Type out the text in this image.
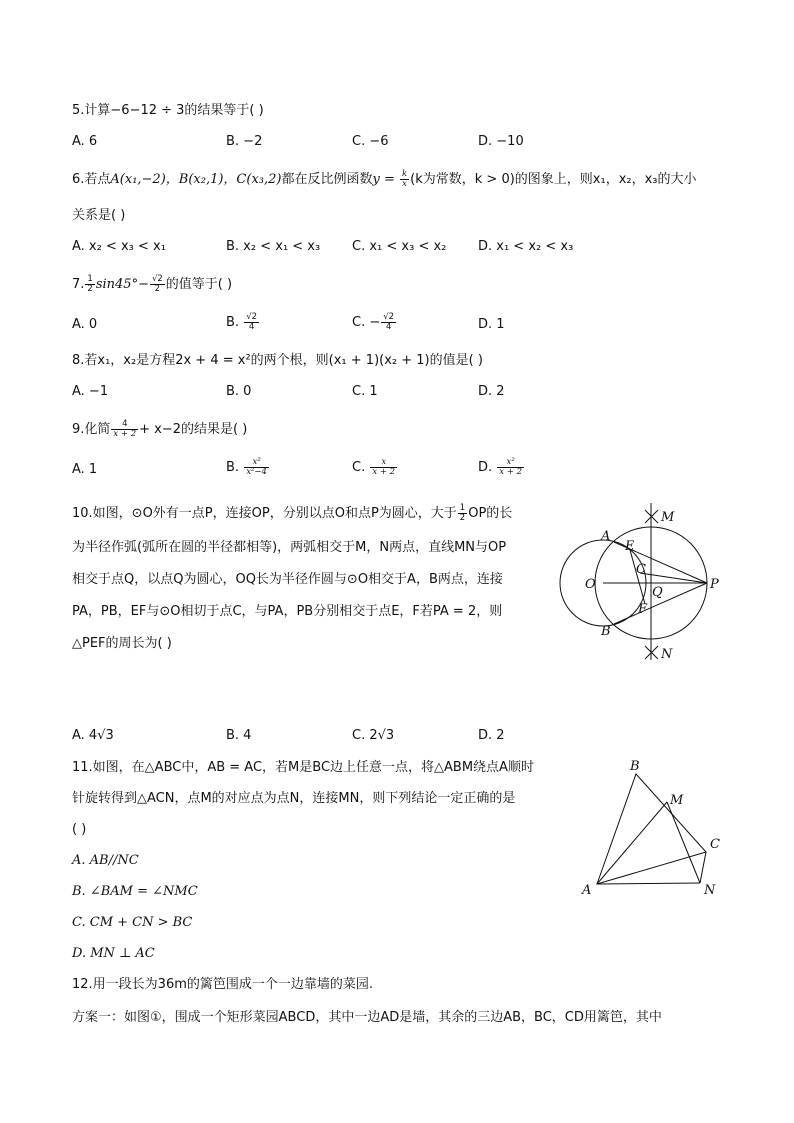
5.计算−6−12 ÷ 3的结果等于( )
A. 6	B. −2	C. −6	D. −10
6.若点A(x₁,−2)，B(x₂,1)，C(x₃,2)都在反比例函数$y = \frac{k}{x} (k$为常数，k > 0)的图象上，则x₁，x₂，x₃的大小
关系是( )
A. x₂ < x₃ < x₁	B. x₂ < x₁ < x₃ C. x₁ < x₃ < x₂ D. x₁ < x₂ < x₃
7. $\frac{1}{2} \sin 45^\circ- \frac{√2}{2}$ 的值等于( )
A. 0	B. $\frac{√2}{4}$	C. − $\frac{√2}{4}$	D. 1
8.若x₁，x₂是方程2x + 4 = x²的两个根，则(x₁ + 1)(x₂ + 1)的值是( )
A. −1	B. 0	C. 1	D. 2
9.化简 $\frac{4}{x + 2} + x-2$的结果是( )
A. 1	B. $\frac{\text{x²}}{\text{x²−4}}$	C. $\frac{x}{x + 2}$	D. $\frac{\text{x²}}{x + 2}$
10.如图，⊙O外有一点P，连接OP，分别以点O和点P为圆心，大于 $\frac{1}{2}$ OP的长
为半径作弧(弧所在圆的半径都相等)，两弧相交于M，N两点，直线MN与OP
相交于点Q，以点Q为圆心，OQ长为半径作圆与⊙O相交于A，B两点，连接
PA，PB，EF与⊙O相切于点C，与PA，PB分别相交于点E，F若PA = 2，则
△PEF的周长为( )
M
N
A
B
E
C
O
Q
F
P
A. 4√3	B. 4	C. 2√3	D. 2
11.如图，在△ABC中，AB = AC，若M是BC边上任意一点，将△ABM绕点A顺时
针旋转得到△ACN，点M的对应点为点N，连接MN，则下列结论一定正确的是
( )
A. AB//NC
B. ∠BAM = ∠NMC
C. CM + CN > BC
D. MN ⊥ AC
B
M
C
A	N
12.用一段长为36m的篱笆围成一个一边靠墙的菜园.
方案一：如图①，围成一个矩形菜园ABCD，其中一边AD是墙，其余的三边AB，BC，CD用篱笆，其中
